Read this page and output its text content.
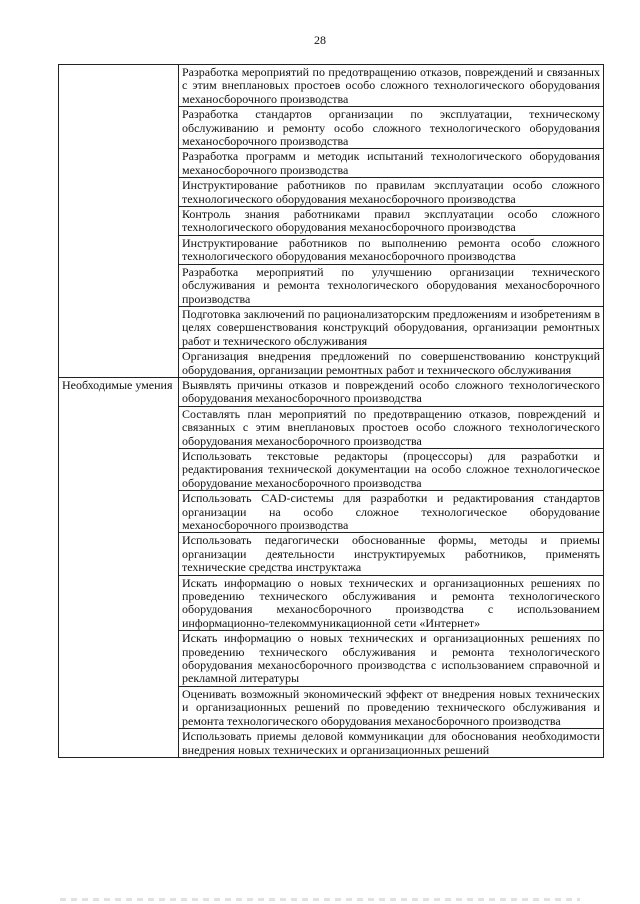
28
	Разработка мероприятий по предотвращению отказов, повреждений и связанных с этим внеплановых простоев особо сложного технологического оборудования механосборочного производства
	Разработка стандартов организации по эксплуатации, техническому обслуживанию и ремонту особо сложного технологического оборудования механосборочного производства
	Разработка программ и методик испытаний технологического оборудования механосборочного производства
	Инструктирование работников по правилам эксплуатации особо сложного технологического оборудования механосборочного производства
	Контроль знания работниками правил эксплуатации особо сложного технологического оборудования механосборочного производства
	Инструктирование работников по выполнению ремонта особо сложного технологического оборудования механосборочного производства
	Разработка мероприятий по улучшению организации технического обслуживания и ремонта технологического оборудования механосборочного производства
	Подготовка заключений по рационализаторским предложениям и изобретениям в целях совершенствования конструкций оборудования, организации ремонтных работ и технического обслуживания
	Организация внедрения предложений по совершенствованию конструкций оборудования, организации ремонтных работ и технического обслуживания
Необходимые умения	Выявлять причины отказов и повреждений особо сложного технологического оборудования механосборочного производства
	Составлять план мероприятий по предотвращению отказов, повреждений и связанных с этим внеплановых простоев особо сложного технологического оборудования механосборочного производства
	Использовать текстовые редакторы (процессоры) для разработки и редактирования технической документации на особо сложное технологическое оборудование механосборочного производства
	Использовать CAD-системы для разработки и редактирования стандартов организации на особо сложное технологическое оборудование механосборочного производства
	Использовать педагогически обоснованные формы, методы и приемы организации деятельности инструктируемых работников, применять технические средства инструктажа
	Искать информацию о новых технических и организационных решениях по проведению технического обслуживания и ремонта технологического оборудования механосборочного производства с использованием информационно-телекоммуникационной сети «Интернет»
	Искать информацию о новых технических и организационных решениях по проведению технического обслуживания и ремонта технологического оборудования механосборочного производства с использованием справочной и рекламной литературы
	Оценивать возможный экономический эффект от внедрения новых технических и организационных решений по проведению технического обслуживания и ремонта технологического оборудования механосборочного производства
	Использовать приемы деловой коммуникации для обоснования необходимости внедрения новых технических и организационных решений
